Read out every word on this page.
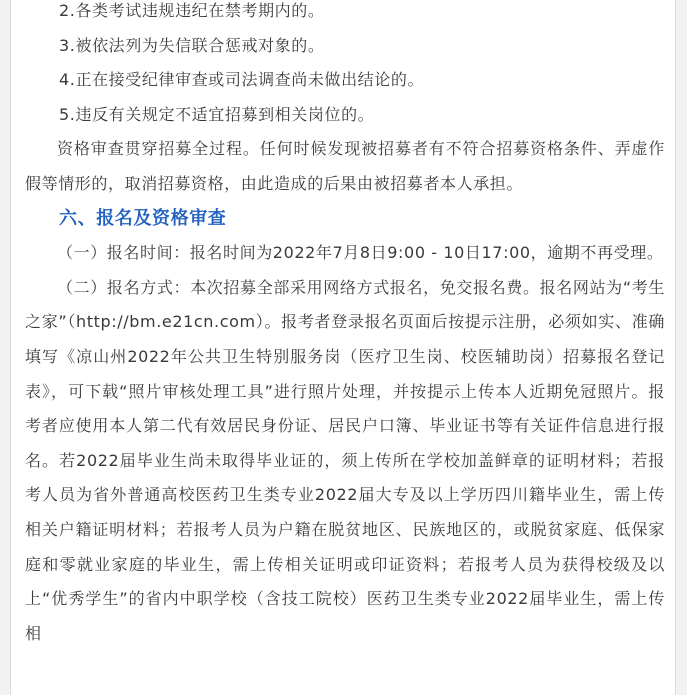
2.各类考试违规违纪在禁考期内的。

3.被依法列为失信联合惩戒对象的。

4.正在接受纪律审查或司法调查尚未做出结论的。

5.违反有关规定不适宜招募到相关岗位的。

资格审查贯穿招募全过程。任何时候发现被招募者有不符合招募资格条件、弄虚作假等情形的，取消招募资格，由此造成的后果由被招募者本人承担。

六、报名及资格审查

（一）报名时间：报名时间为2022年7月8日9:00 - 10日17:00，逾期不再受理。

（二）报名方式：本次招募全部采用网络方式报名，免交报名费。报名网站为“考生之家”（http://bm.e21cn.com）。报考者登录报名页面后按提示注册，必须如实、准确填写《凉山州2022年公共卫生特别服务岗（医疗卫生岗、校医辅助岗）招募报名登记表》，可下载“照片审核处理工具”进行照片处理，并按提示上传本人近期免冠照片。报考者应使用本人第二代有效居民身份证、居民户口簿、毕业证书等有关证件信息进行报名。若2022届毕业生尚未取得毕业证的，须上传所在学校加盖鲜章的证明材料；若报考人员为省外普通高校医药卫生类专业2022届大专及以上学历四川籍毕业生，需上传相关户籍证明材料；若报考人员为户籍在脱贫地区、民族地区的，或脱贫家庭、低保家庭和零就业家庭的毕业生，需上传相关证明或印证资料；若报考人员为获得校级及以上“优秀学生”的省内中职学校（含技工院校）医药卫生类专业2022届毕业生，需上传相
